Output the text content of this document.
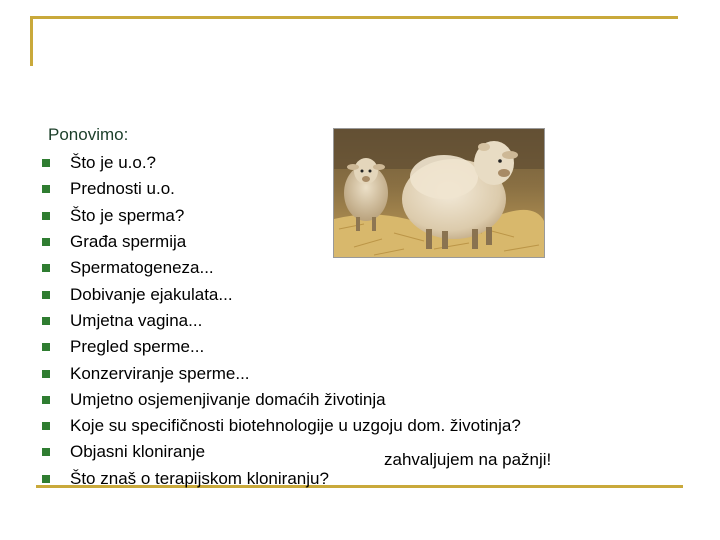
Ponovimo:
Što je u.o.?
Prednosti u.o.
Što je sperma?
Građa spermija
Spermatogeneza...
Dobivanje ejakulata...
Umjetna vagina...
Pregled sperme...
Konzerviranje sperme...
Umjetno osjemenjivanje domaćih životinja
Koje su specifičnosti biotehnologije u uzgoju dom. životinja?
Objasni kloniranje
Što znaš o terapijskom kloniranju?
zahvaljujem na pažnji!
